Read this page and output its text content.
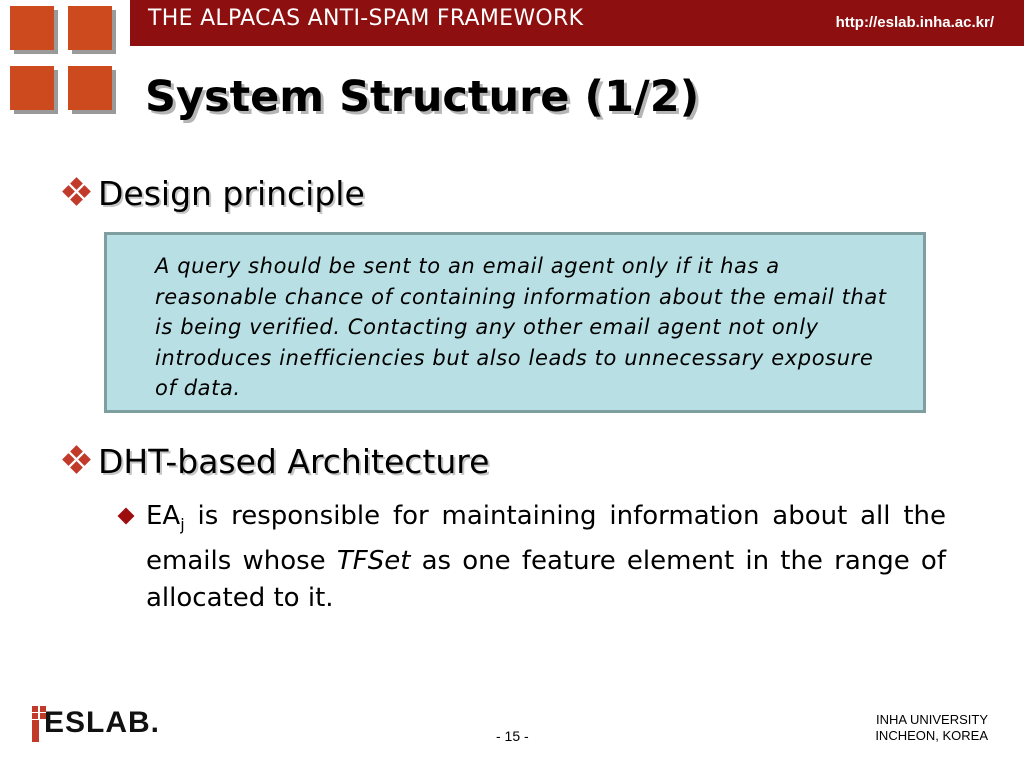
THE ALPACAS ANTI-SPAM FRAMEWORK	http://eslab.inha.ac.kr/
System Structure (1/2)
Design principle

A query should be sent to an email agent only if it has a reasonable chance of containing information about the email that is being verified. Contacting any other email agent not only introduces inefficiencies but also leads to unnecessary exposure of data.

DHT-based Architecture

$EA_j$ is responsible for maintaining information about all the emails whose TFSet as one feature element in the range of allocated to it.

ESLAB.	- 15 -
INHA UNIVERSITY
INCHEON, KOREA
